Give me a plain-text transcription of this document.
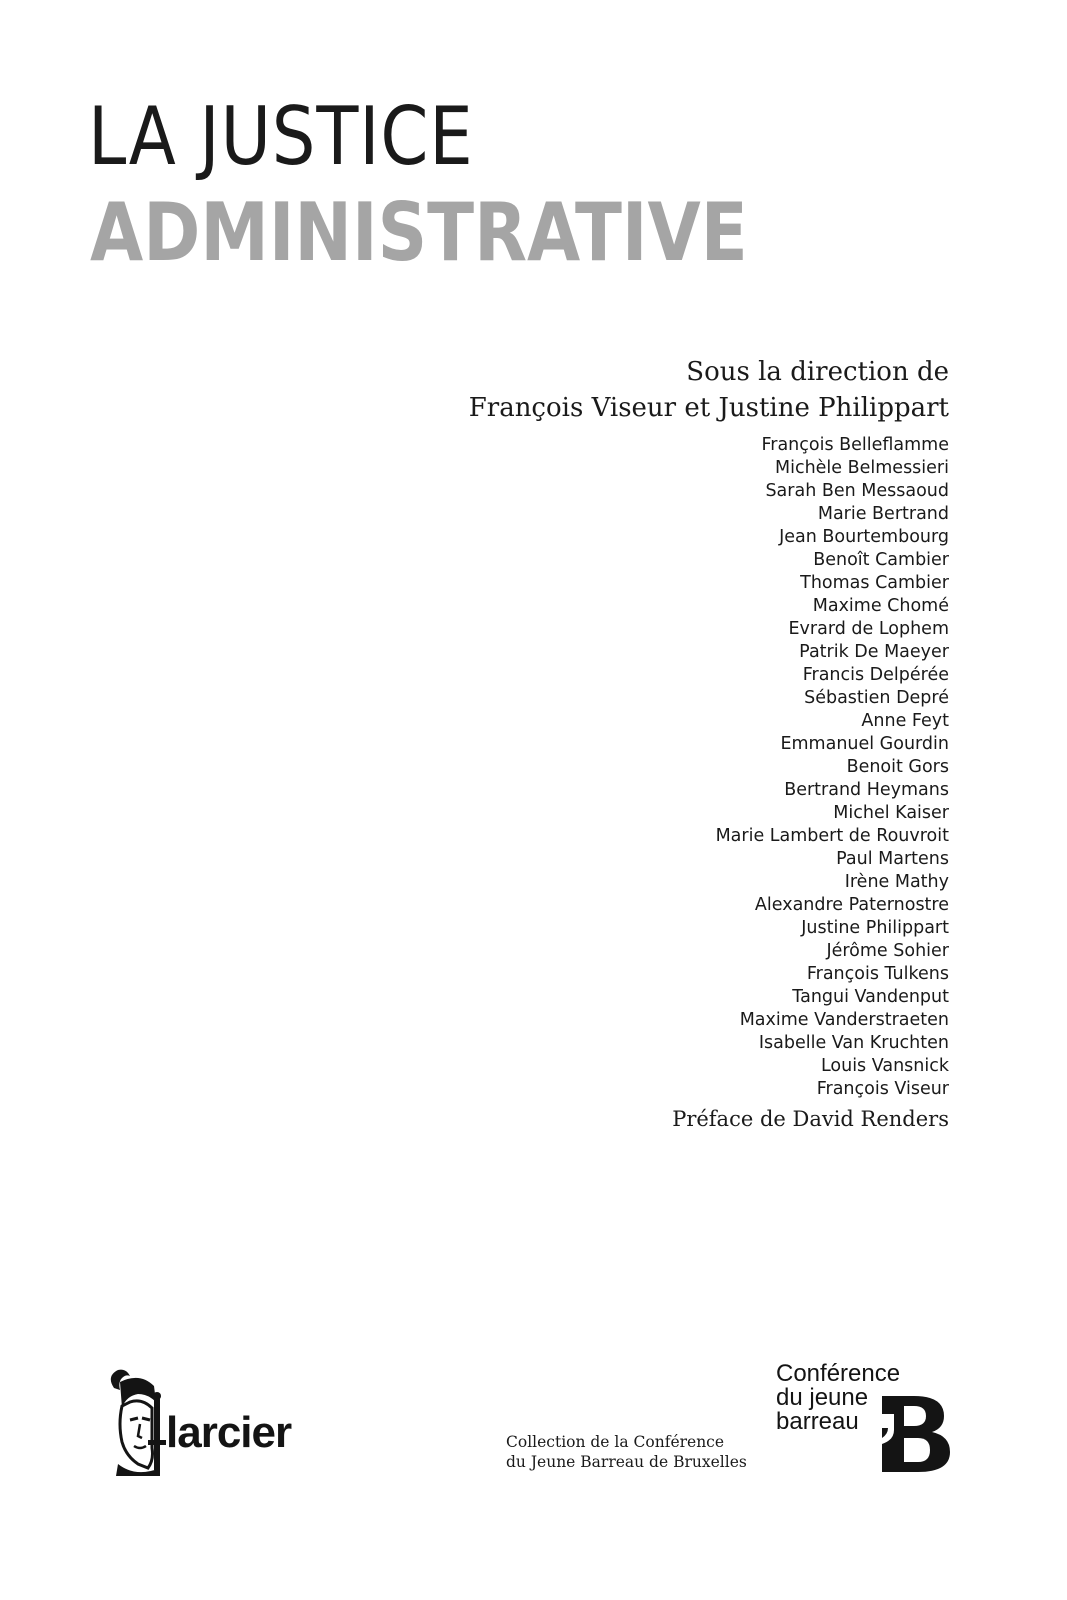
LA JUSTICE
ADMINISTRATIVE
Sous la direction de
François Viseur et Justine Philippart
François Belleflamme
Michèle Belmessieri
Sarah Ben Messaoud
Marie Bertrand
Jean Bourtembourg
Benoît Cambier
Thomas Cambier
Maxime Chomé
Evrard de Lophem
Patrik De Maeyer
Francis Delpérée
Sébastien Depré
Anne Feyt
Emmanuel Gourdin
Benoit Gors
Bertrand Heymans
Michel Kaiser
Marie Lambert de Rouvroit
Paul Martens
Irène Mathy
Alexandre Paternostre
Justine Philippart
Jérôme Sohier
François Tulkens
Tangui Vandenput
Maxime Vanderstraeten
Isabelle Van Kruchten
Louis Vansnick
François Viseur
Préface de David Renders
larcier	Collection de la Conférence
du Jeune Barreau de Bruxelles
Conférence
du jeune
barreau
